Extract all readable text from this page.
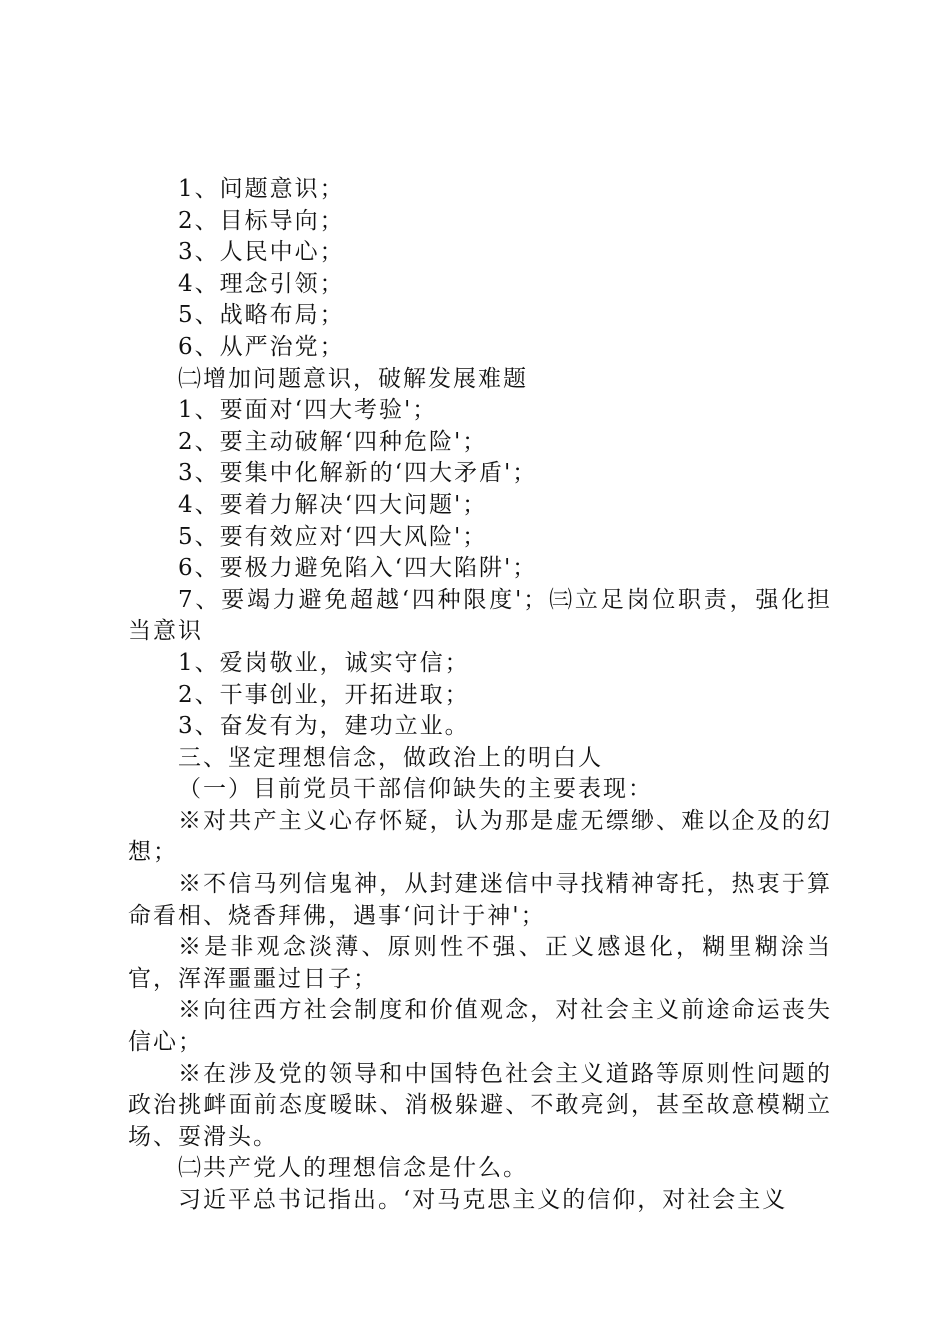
1、问题意识；

2、目标导向；

3、人民中心；

4、理念引领；

5、战略布局；

6、从严治党；

㈡增加问题意识，破解发展难题

1、要面对‘四大考验'；

2、要主动破解‘四种危险'；

3、要集中化解新的‘四大矛盾'；

4、要着力解决‘四大问题'；

5、要有效应对‘四大风险'；

6、要极力避免陷入‘四大陷阱'；

7、要竭力避免超越‘四种限度'；㈢立足岗位职责，强化担当意识

1、爱岗敬业，诚实守信；

2、干事创业，开拓进取；

3、奋发有为，建功立业。

三、坚定理想信念，做政治上的明白人

（一）目前党员干部信仰缺失的主要表现：

※对共产主义心存怀疑，认为那是虚无缥缈、难以企及的幻想；

※不信马列信鬼神，从封建迷信中寻找精神寄托，热衷于算命看相、烧香拜佛，遇事‘问计于神'；

※是非观念淡薄、原则性不强、正义感退化，糊里糊涂当官，浑浑噩噩过日子；

※向往西方社会制度和价值观念，对社会主义前途命运丧失信心；

※在涉及党的领导和中国特色社会主义道路等原则性问题的政治挑衅面前态度暧昧、消极躲避、不敢亮剑，甚至故意模糊立场、耍滑头。

㈡共产党人的理想信念是什么。

习近平总书记指出。‘对马克思主义的信仰，对社会主义
